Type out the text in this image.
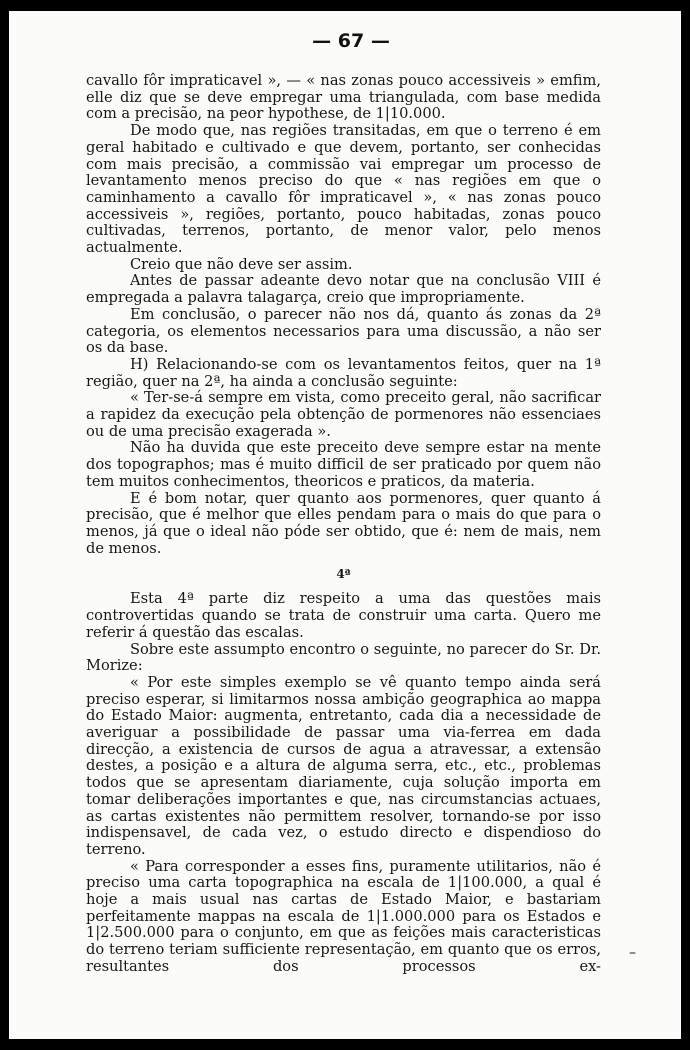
— 67 —

cavallo fôr impraticavel », — « nas zonas pouco accessiveis » emfim, elle diz que se deve empregar uma triangulada, com base medida com a precisão, na peor hypothese, de 1|10.000.

De modo que, nas regiões transitadas, em que o terreno é em geral habitado e cultivado e que devem, portanto, ser conhecidas com mais precisão, a commissão vai empregar um processo de levantamento menos preciso do que « nas regiões em que o caminhamento a cavallo fôr impraticavel », « nas zonas pouco accessiveis », regiões, portanto, pouco habitadas, zonas pouco cultivadas, terrenos, portanto, de menor valor, pelo menos actualmente.

Creio que não deve ser assim.

Antes de passar adeante devo notar que na conclusão VIII é empregada a palavra talagarça, creio que impropriamente.

Em conclusão, o parecer não nos dá, quanto ás zonas da 2ª categoria, os elementos necessarios para uma discussão, a não ser os da base.

H) Relacionando-se com os levantamentos feitos, quer na 1ª região, quer na 2ª, ha ainda a conclusão seguinte:

« Ter-se-á sempre em vista, como preceito geral, não sacrificar a rapidez da execução pela obtenção de pormenores não essenciaes ou de uma precisão exagerada ».

Não ha duvida que este preceito deve sempre estar na mente dos topographos; mas é muito difficil de ser praticado por quem não tem muitos conhecimentos, theoricos e praticos, da materia.

E é bom notar, quer quanto aos pormenores, quer quanto á precisão, que é melhor que elles pendam para o mais do que para o menos, já que o ideal não póde ser obtido, que é: nem de mais, nem de menos.

4ª

Esta 4ª parte diz respeito a uma das questões mais controvertidas quando se trata de construir uma carta. Quero me referir á questão das escalas.

Sobre este assumpto encontro o seguinte, no parecer do Sr. Dr. Morize:

« Por este simples exemplo se vê quanto tempo ainda será preciso esperar, si limitarmos nossa ambição geographica ao mappa do Estado Maior: augmenta, entretanto, cada dia a necessidade de averiguar a possibilidade de passar uma via-ferrea em dada direcção, a existencia de cursos de agua a atravessar, a extensão destes, a posição e a altura de alguma serra, etc., etc., problemas todos que se apresentam diariamente, cuja solução importa em tomar deliberações importantes e que, nas circumstancias actuaes, as cartas existentes não permittem resolver, tornando-se por isso indispensavel, de cada vez, o estudo directo e dispendioso do terreno.

« Para corresponder a esses fins, puramente utilitarios, não é preciso uma carta topographica na escala de 1|100.000, a qual é hoje a mais usual nas cartas de Estado Maior, e bastariam perfeitamente mappas na escala de 1|1.000.000 para os Estados e 1|2.500.000 para o conjunto, em que as feições mais caracteristicas do terreno teriam sufficiente representação, em quanto que os erros, resultantes dos processos ex-

–
